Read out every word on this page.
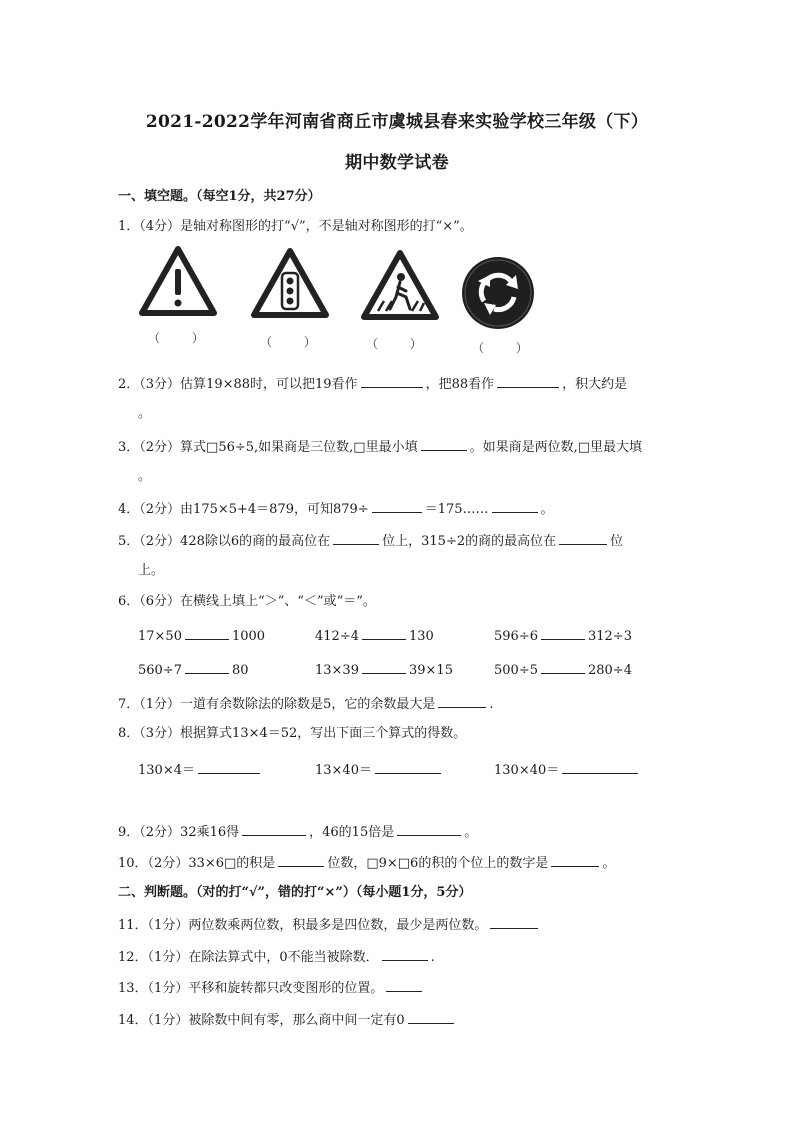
2021-2022学年河南省商丘市虞城县春来实验学校三年级（下）
期中数学试卷
一、填空题。（每空1分，共27分）
1．（4分）是轴对称图形的打“√”，不是轴对称图形的打“×”。
（ ）	（ ）	（ ）	（ ）
2．（3分）估算19×88时，可以把19看作	，把88看作	，积大约是
。
3．（2分）算式□56÷5,如果商是三位数,□里最小填	。如果商是两位数,□里最大填
。
4．（2分）由175×5+4＝879，可知879÷	＝175……	。
5．（2分）428除以6的商的最高位在	位上，315÷2的商的最高位在	位
上。
6．（6分）在横线上填上“＞”、“＜”或“＝”。
17×50	1000	412÷4	130	596÷6	312÷3
560÷7	80	13×39	39×15	500÷5	280÷4
7．（1分）一道有余数除法的除数是5，它的余数最大是	.
8．（3分）根据算式13×4＝52，写出下面三个算式的得数。
130×4＝	13×40＝	130×40＝
9．（2分）32乘16得	，46的15倍是	。
10．（2分）33×6□的积是	位数，□9×□6的积的个位上的数字是	。
二、判断题。（对的打“√”，错的打“×”）（每小题1分，5分）
11．（1分）两位数乘两位数，积最多是四位数，最少是两位数。
12．（1分）在除法算式中，0不能当被除数．	.
13．（1分）平移和旋转都只改变图形的位置。
14．（1分）被除数中间有零，那么商中间一定有0
